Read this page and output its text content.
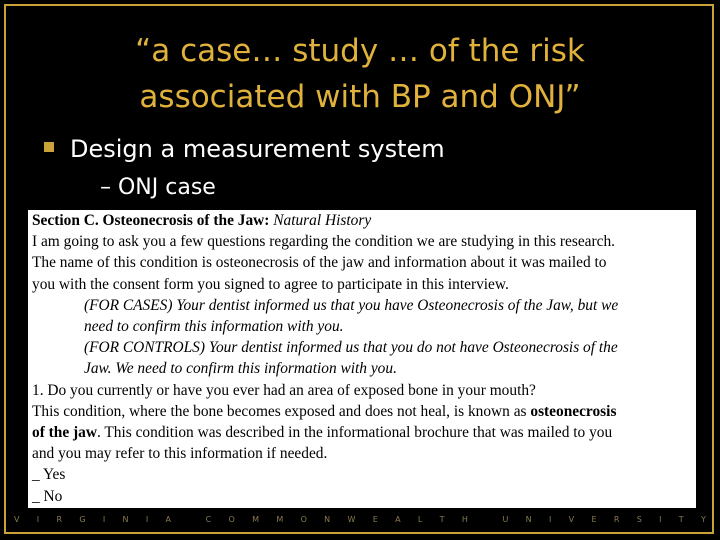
“a case… study … of the risk
associated with BP and ONJ”
Design a measurement system
– ONJ case

Section C. Osteonecrosis of the Jaw: Natural History

I am going to ask you a few questions regarding the condition we are studying in this research.

The name of this condition is osteonecrosis of the jaw and information about it was mailed to

you with the consent form you signed to agree to participate in this interview.

(FOR CASES) Your dentist informed us that you have Osteonecrosis of the Jaw, but we

need to confirm this information with you.

(FOR CONTROLS) Your dentist informed us that you do not have Osteonecrosis of the

Jaw. We need to confirm this information with you.

1. Do you currently or have you ever had an area of exposed bone in your mouth?

This condition, where the bone becomes exposed and does not heal, is known as osteonecrosis

of the jaw. This condition was described in the informational brochure that was mailed to you

and you may refer to this information if needed.

_ Yes

_ No

V I R G I N I A	C O M M O N W E A L T H	U N I V E R S I T Y
